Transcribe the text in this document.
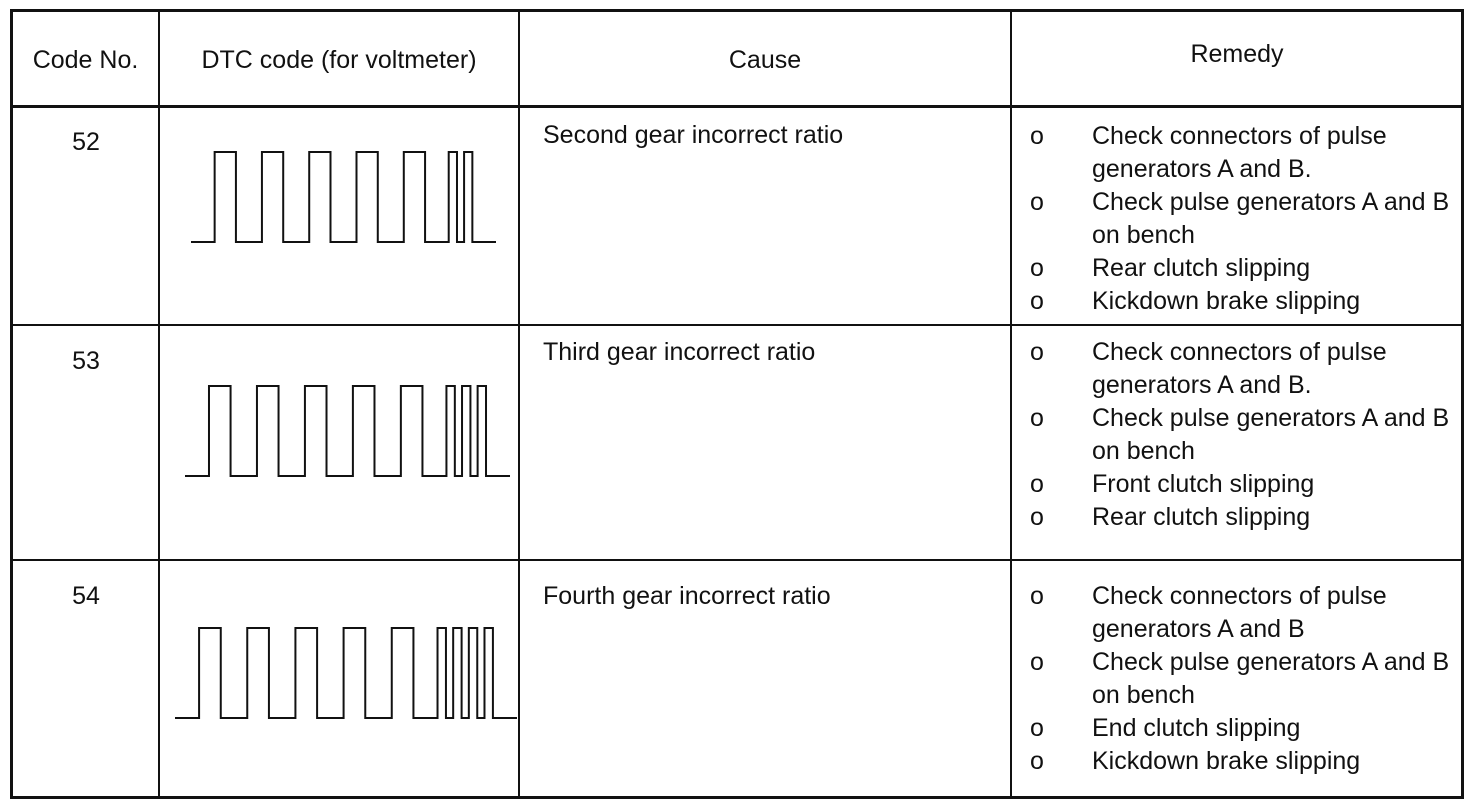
Code No.	DTC code (for voltmeter)	Cause	Remedy
52	Second gear incorrect ratio	o	Check connectors of pulse generators A and B.
o	Check pulse generators A and B on bench
o	Rear clutch slipping
o	Kickdown brake slipping
53	Third gear incorrect ratio	o	Check connectors of pulse generators A and B.
o	Check pulse generators A and B on bench
o	Front clutch slipping
o	Rear clutch slipping
54	Fourth gear incorrect ratio	o	Check connectors of pulse generators A and B
o	Check pulse generators A and B on bench
o	End clutch slipping
o	Kickdown brake slipping
